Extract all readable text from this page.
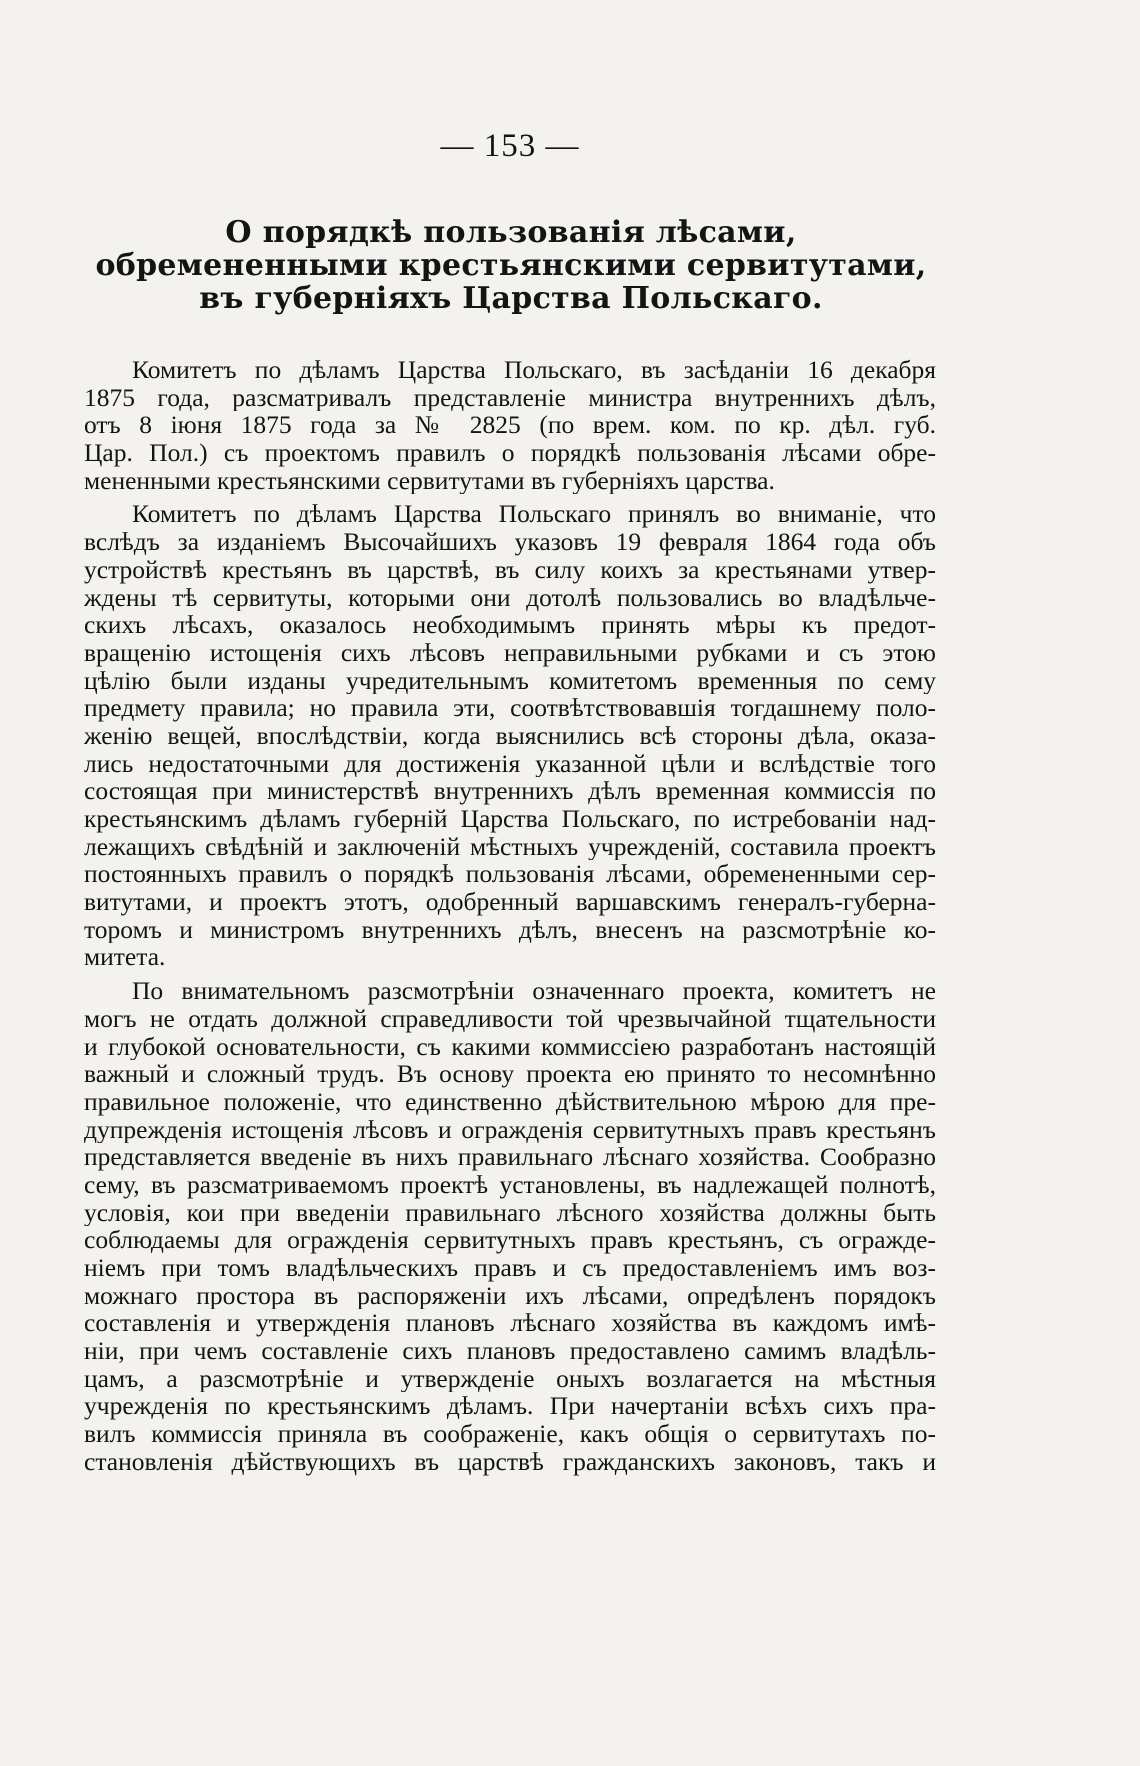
— 153 —
О порядкѣ пользованія лѣсами, обремененными крестьянскими сервитутами, въ губерніяхъ Царства Польскаго.
Комитетъ по дѣламъ Царства Польскаго, въ засѣданіи 16 декабря
1875 года, разсматривалъ представленіе министра внутреннихъ дѣлъ,
отъ 8 іюня 1875 года за № 2825 (по врем. ком. по кр. дѣл. губ.
Цар. Пол.) съ проектомъ правилъ о порядкѣ пользованія лѣсами обре-
мененными крестьянскими сервитутами въ губерніяхъ царства.
Комитетъ по дѣламъ Царства Польскаго принялъ во вниманіе, что
вслѣдъ за изданіемъ Высочайшихъ указовъ 19 февраля 1864 года объ
устройствѣ крестьянъ въ царствѣ, въ силу коихъ за крестьянами утвер-
ждены тѣ сервитуты, которыми они дотолѣ пользовались во владѣльче-
скихъ лѣсахъ, оказалось необходимымъ принять мѣры къ предот-
вращенію истощенія сихъ лѣсовъ неправильными рубками и съ этою
цѣлію были изданы учредительнымъ комитетомъ временныя по сему
предмету правила; но правила эти, соотвѣтствовавшія тогдашнему поло-
женію вещей, впослѣдствіи, когда выяснились всѣ стороны дѣла, оказа-
лись недостаточными для достиженія указанной цѣли и вслѣдствіе того
состоящая при министерствѣ внутреннихъ дѣлъ временная коммиссія по
крестьянскимъ дѣламъ губерній Царства Польскаго, по истребованіи над-
лежащихъ свѣдѣній и заключеній мѣстныхъ учрежденій, составила проектъ
постоянныхъ правилъ о порядкѣ пользованія лѣсами, обремененными сер-
витутами, и проектъ этотъ, одобренный варшавскимъ генералъ-губерна-
торомъ и министромъ внутреннихъ дѣлъ, внесенъ на разсмотрѣніе ко-
митета.
По внимательномъ разсмотрѣніи означеннаго проекта, комитетъ не
могъ не отдать должной справедливости той чрезвычайной тщательности
и глубокой основательности, съ какими коммиссіею разработанъ настоящій
важный и сложный трудъ. Въ основу проекта ею принято то несомнѣнно
правильное положеніе, что единственно дѣйствительною мѣрою для пре-
дупрежденія истощенія лѣсовъ и огражденія сервитутныхъ правъ крестьянъ
представляется введеніе въ нихъ правильнаго лѣснаго хозяйства. Сообразно
сему, въ разсматриваемомъ проектѣ установлены, въ надлежащей полнотѣ,
условія, кои при введеніи правильнаго лѣсного хозяйства должны быть
соблюдаемы для огражденія сервитутныхъ правъ крестьянъ, съ огражде-
ніемъ при томъ владѣльческихъ правъ и съ предоставленіемъ имъ воз-
можнаго простора въ распоряженіи ихъ лѣсами, опредѣленъ порядокъ
составленія и утвержденія плановъ лѣснаго хозяйства въ каждомъ имѣ-
ніи, при чемъ составленіе сихъ плановъ предоставлено самимъ владѣль-
цамъ, а разсмотрѣніе и утвержденіе оныхъ возлагается на мѣстныя
учрежденія по крестьянскимъ дѣламъ. При начертаніи всѣхъ сихъ пра-
вилъ коммиссія приняла въ соображеніе, какъ общія о сервитутахъ по-
становленія дѣйствующихъ въ царствѣ гражданскихъ законовъ, такъ и
